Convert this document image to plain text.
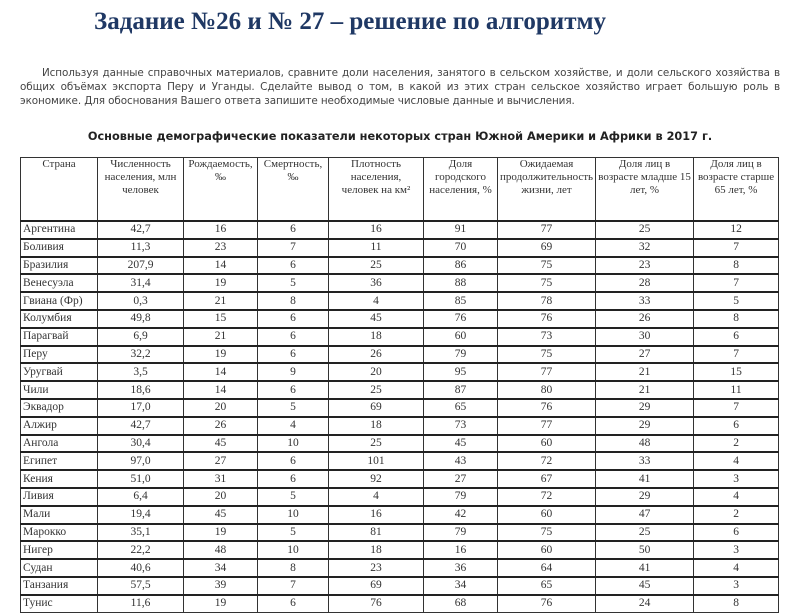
Задание №26 и № 27 – решение по алгоритму
Используя данные справочных материалов, сравните доли населения, занятого в сельском хозяйстве, и доли сельского хозяйства в общих объёмах экспорта Перу и Уганды. Сделайте вывод о том, в какой из этих стран сельское хозяйство играет большую роль в экономике. Для обоснования Вашего ответа запишите необходимые числовые данные и вычисления.
Основные демографические показатели некоторых стран Южной Америки и Африки в 2017 г.
Страна	Численность населения, млн человек	Рождаемость, ‰	Смертность, ‰	Плотность населения, человек на км²	Доля городского населения, %	Ожидаемая продолжительность жизни, лет	Доля лиц в возрасте младше 15 лет, %	Доля лиц в возрасте старше 65 лет, %
Аргентина	42,7	16	6	16	91	77	25	12
Боливия	11,3	23	7	11	70	69	32	7
Бразилия	207,9	14	6	25	86	75	23	8
Венесуэла	31,4	19	5	36	88	75	28	7
Гвиана (Фр)	0,3	21	8	4	85	78	33	5
Колумбия	49,8	15	6	45	76	76	26	8
Парагвай	6,9	21	6	18	60	73	30	6
Перу	32,2	19	6	26	79	75	27	7
Уругвай	3,5	14	9	20	95	77	21	15
Чили	18,6	14	6	25	87	80	21	11
Эквадор	17,0	20	5	69	65	76	29	7
Алжир	42,7	26	4	18	73	77	29	6
Ангола	30,4	45	10	25	45	60	48	2
Египет	97,0	27	6	101	43	72	33	4
Кения	51,0	31	6	92	27	67	41	3
Ливия	6,4	20	5	4	79	72	29	4
Мали	19,4	45	10	16	42	60	47	2
Марокко	35,1	19	5	81	79	75	25	6
Нигер	22,2	48	10	18	16	60	50	3
Судан	40,6	34	8	23	36	64	41	4
Танзания	57,5	39	7	69	34	65	45	3
Тунис	11,6	19	6	76	68	76	24	8
